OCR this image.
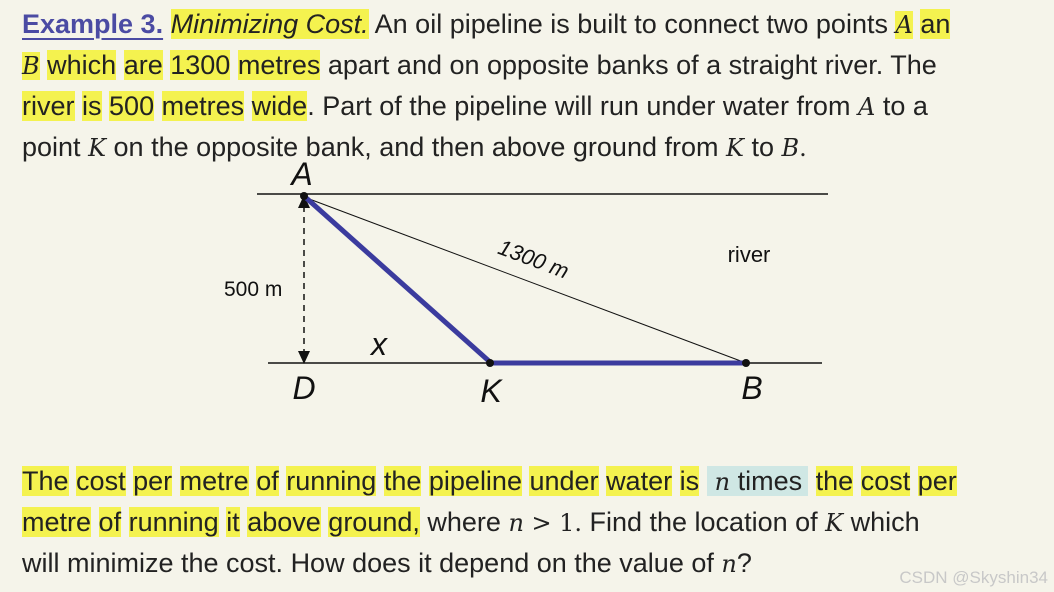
Example 3. Minimizing Cost. An oil pipeline is built to connect two points A an
B which are 1300 metres apart and on opposite banks of a straight river. The
river is 500 metres wide. Part of the pipeline will run under water from A to a
point K on the opposite bank, and then above ground from K to B.

A
D	K	B
1300 m
500 m
x
river

The cost per metre of running the pipeline under water is n times the cost per
metre of running it above ground, where n > 1. Find the location of K which
will minimize the cost. How does it depend on the value of n?	CSDN @Skyshin34
